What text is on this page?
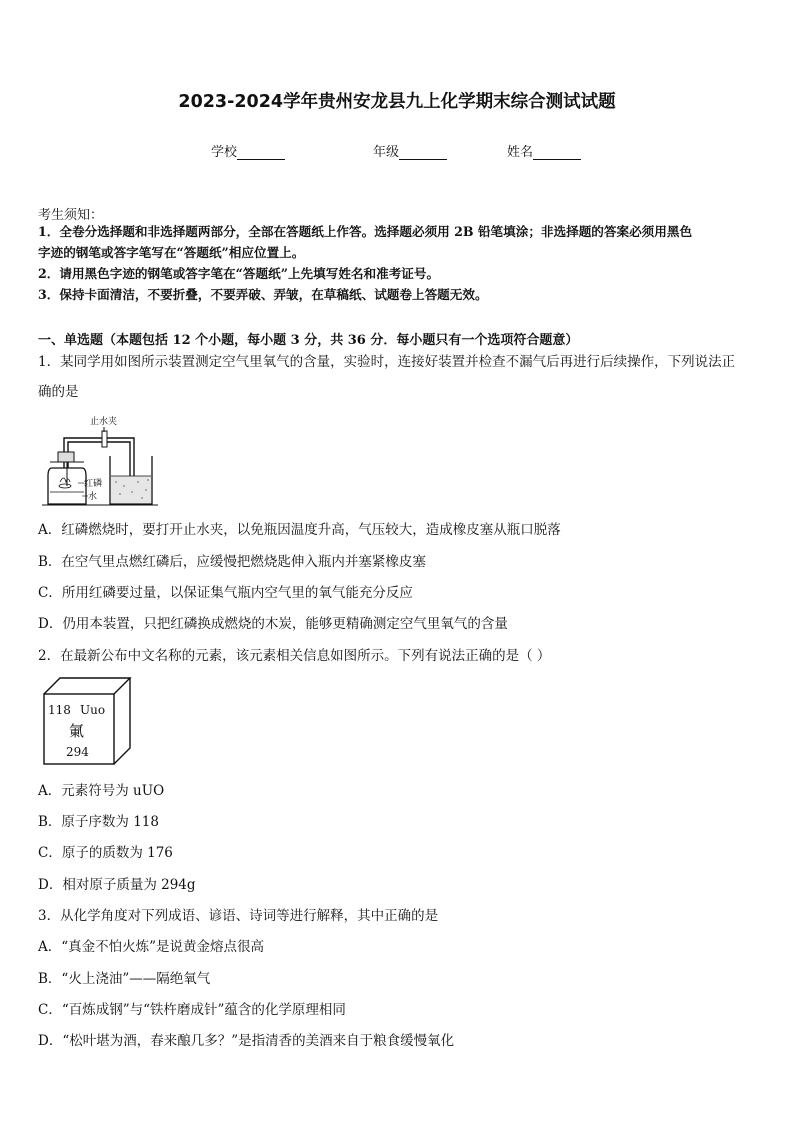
2023-2024学年贵州安龙县九上化学期末综合测试试题
学校	年级	姓名
考生须知：
1．全卷分选择题和非选择题两部分，全部在答题纸上作答。选择题必须用 2B 铅笔填涂；非选择题的答案必须用黑色
字迹的钢笔或答字笔写在“答题纸”相应位置上。
2．请用黑色字迹的钢笔或答字笔在“答题纸”上先填写姓名和准考证号。
3．保持卡面清洁，不要折叠，不要弄破、弄皱，在草稿纸、试题卷上答题无效。
一、单选题（本题包括 12 个小题，每小题 3 分，共 36 分．每小题只有一个选项符合题意）
1．某同学用如图所示装置测定空气里氧气的含量，实验时，连接好装置并检查不漏气后再进行后续操作，下列说法正
确的是
止水夹
红磷
水
A．红磷燃烧时，要打开止水夹，以免瓶因温度升高，气压较大，造成橡皮塞从瓶口脱落
B．在空气里点燃红磷后，应缓慢把燃烧匙伸入瓶内并塞紧橡皮塞
C．所用红磷要过量，以保证集气瓶内空气里的氧气能充分反应
D．仍用本装置，只把红磷换成燃烧的木炭，能够更精确测定空气里氧气的含量
2．在最新公布中文名称的元素，该元素相关信息如图所示。下列有说法正确的是（ ）
118 Uuo
氭
294
A．元素符号为 uUO
B．原子序数为 118
C．原子的质数为 176
D．相对原子质量为 294g
3．从化学角度对下列成语、谚语、诗词等进行解释，其中正确的是
A．“真金不怕火炼”是说黄金熔点很高
B．“火上浇油”——隔绝氧气
C．“百炼成钢”与“铁杵磨成针”蕴含的化学原理相同
D．“松叶堪为酒，春来酿几多？”是指清香的美酒来自于粮食缓慢氧化
